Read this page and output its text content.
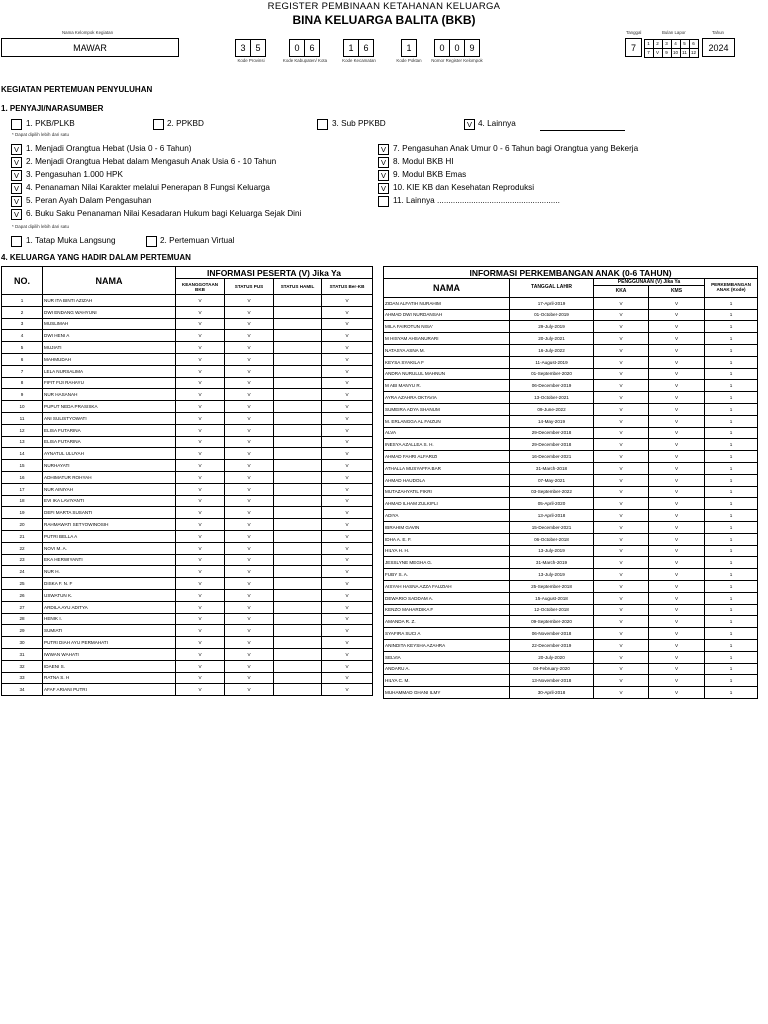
REGISTER PEMBINAAN KETAHANAN KELUARGA
BINA KELUARGA BALITA (BKB)
Nama Kelompok Kegiatan
MAWAR	3	5
Kode Provinsi
0	6
Kode Kabupaten/ Kota
1	6
Kode Kecamatan
1
Kode Poktan
0	0	9
Nomor Register Kelompok
Tanggal
7
Bulan Lapor
1	2	3	4	5	6
7	V	9	10 11 12
Tahun
2024
KEGIATAN PERTEMUAN PENYULUHAN
1. PENYAJI/NARASUMBER
1. PKB/PLKB	2. PPKBD	3. Sub PPKBD	V 4. Lainnya
* Dapat dipilih lebih dari satu
V 1. Menjadi Orangtua Hebat (Usia 0 - 6 Tahun)
V 2. Menjadi Orangtua Hebat dalam Mengasuh Anak Usia 6 - 10 Tahun
V 3. Pengasuhan 1.000 HPK
V 4. Penanaman Nilai Karakter melalui Penerapan 8 Fungsi Keluarga
V 5. Peran Ayah Dalam Pengasuhan
V 6. Buku Saku Penanaman Nilai Kesadaran Hukum bagi Keluarga Sejak Dini
V 7. Pengasuhan Anak Umur 0 - 6 Tahun bagi Orangtua yang Bekerja
V 8. Modul BKB HI
V 9. Modul BKB Emas
V 10. KIE KB dan Kesehatan Reproduksi
11. Lainnya ......................................................
* Dapat dipilih lebih dari satu
1. Tatap Muka Langsung	2. Pertemuan Virtual
4. KELUARGA YANG HADIR DALAM PERTEMUAN
NO.	NAMA	INFORMASI PESERTA (V) Jika Ya			
		KEANGGOTAAN BKB	STATUS PUS	STATUS HAMIL	STATUS Ber-KB
1	NUR ITA BINTI AZIZAH	V	V		V
2	DWI ENDANG WAHYUNI	V	V		V
3	MUSLIMAH	V	V		V
4	DWI HENI A	V	V		V
5	MUJIATI	V	V		V
6	MAHMUDAH	V	V		V
7	LELA NURSALIMA	V	V		V
8	FIFIT FIJI RAHAYU	V	V		V
9	NUR HASANAH	V	V		V
10	PUPUT NEDA PRASISKA	V	V		V
11	ANI SULISTYOWATI	V	V		V
12	ELISA FUTARINA	V	V		V
13	ELISA FUTARINA	V	V		V
14	AYNATUL ULUYAH	V	V		V
15	NURHAYATI	V	V		V
16	ADHIMATUR ROHYAH	V	V		V
17	NUR AINIYAH	V	V		V
18	EVI IKA LAVIYANTI	V	V		V
19	DEFI MARTA SUSANTI	V	V		V
20	RAHMAWATI SETYOWINOSIH	V	V		V
21	PUTRI BELLA A	V	V		V
22	NOVI M. A.	V	V		V
23	EKA HERWIYANTI	V	V		V
24	NUR H.	V	V		V
25	DISKA F. N. F	V	V		V
26	USWATUN K.	V	V		V
27	ARDILA AYU ADITYA	V	V		V
28	HENIK I.	V	V		V
29	SUMIATI	V	V		V
30	PUTRI DIAH AYU PERMAHATI	V	V		V
31	IWWAN WAHATI	V	V		V
32	IDAENI S.	V	V		V
33	RATNA S. H	V	V		V
34	AFAF ARIANI PUTRI	V	V		V
INFORMASI PERKEMBANGAN ANAK (0-6 TAHUN)				
NAMA	TANGGAL LAHIR	PENGGUNAAN (V) Jika Ya		PERKEMBANGAN ANAK (Kode)
		KKA	KMS	
ZIDAN ALFATIH NURAHIM	17-April-2019	V	V	1
AHMAD DWI NURDANSAH	01-October-2019	V	V	1
MILA FAIROTUN NISA'	29-July-2019	V	V	1
M HISYAM AHSANURARI	20-July-2021	V	V	1
NATASYA ASNA M.	16-July-2022	V	V	1
KEYSA SYAKILA F	11-August-2019	V	V	1
ANDRA NURULUL MAHNUN	01-September-2020	V	V	1
M ABI MANYU R.	06-December-2019	V	V	1
AYRA AZAHRA OKTAVIA	13-October-2021	V	V	1
SUMEIRA ADYA SHANUM	09-June-2022	V	V	1
M. ERLANGGA AL FAIZUN	14-May-2019	V	V	1
ALVA	29-December-2018	V	V	1
INESYA AZALLEA S. H.	29-December-2018	V	V	1
AHMAD FAHRI ALFARIZI	16-December-2021	V	V	1
ATHALLA MUSYAFFA BAR	31-March-2018	V	V	1
AHMAD HAUDOLA	07-May-2021	V	V	1
MUTAZAHYATIL FIKRI	03-September-2022	V	V	1
AHMAD ILHAM ZULKIFLI	05-April-2020	V	V	1
ADIYA	13-April-2018	V	V	1
IBRAHIM GAVIN	15-December-2021	V	V	1
IDHA A. E. F.	06-October-2018	V	V	1
HILYA H. H.	13-July-2019	V	V	1
JESSLYNE MEGHA G.	31-March-2019	V	V	1
FUBY S. A.	13-July-2019	V	V	1
AISYAH HASNA AZZA FAUZIAH	25-September-2018	V	V	1
DEWARIO SADDAM A.	15-August-2018	V	V	1
KENZO MAHARDIKA F	12-October-2018	V	V	1
AMANDA R. Z.	09-September-2020	V	V	1
SYAFIRA SUCI A	06-November-2018	V	V	1
ANINDITA KEYSHA AZAHRA	22-December-2019	V	V	1
SELVIA	20-July-2020	V	V	1
ANDARU A.	04-February-2020	V	V	1
HILYA C. M.	13-November-2018	V	V	1
MUHAMMAD GHANI ILMY	30-April-2018	V	V	1
